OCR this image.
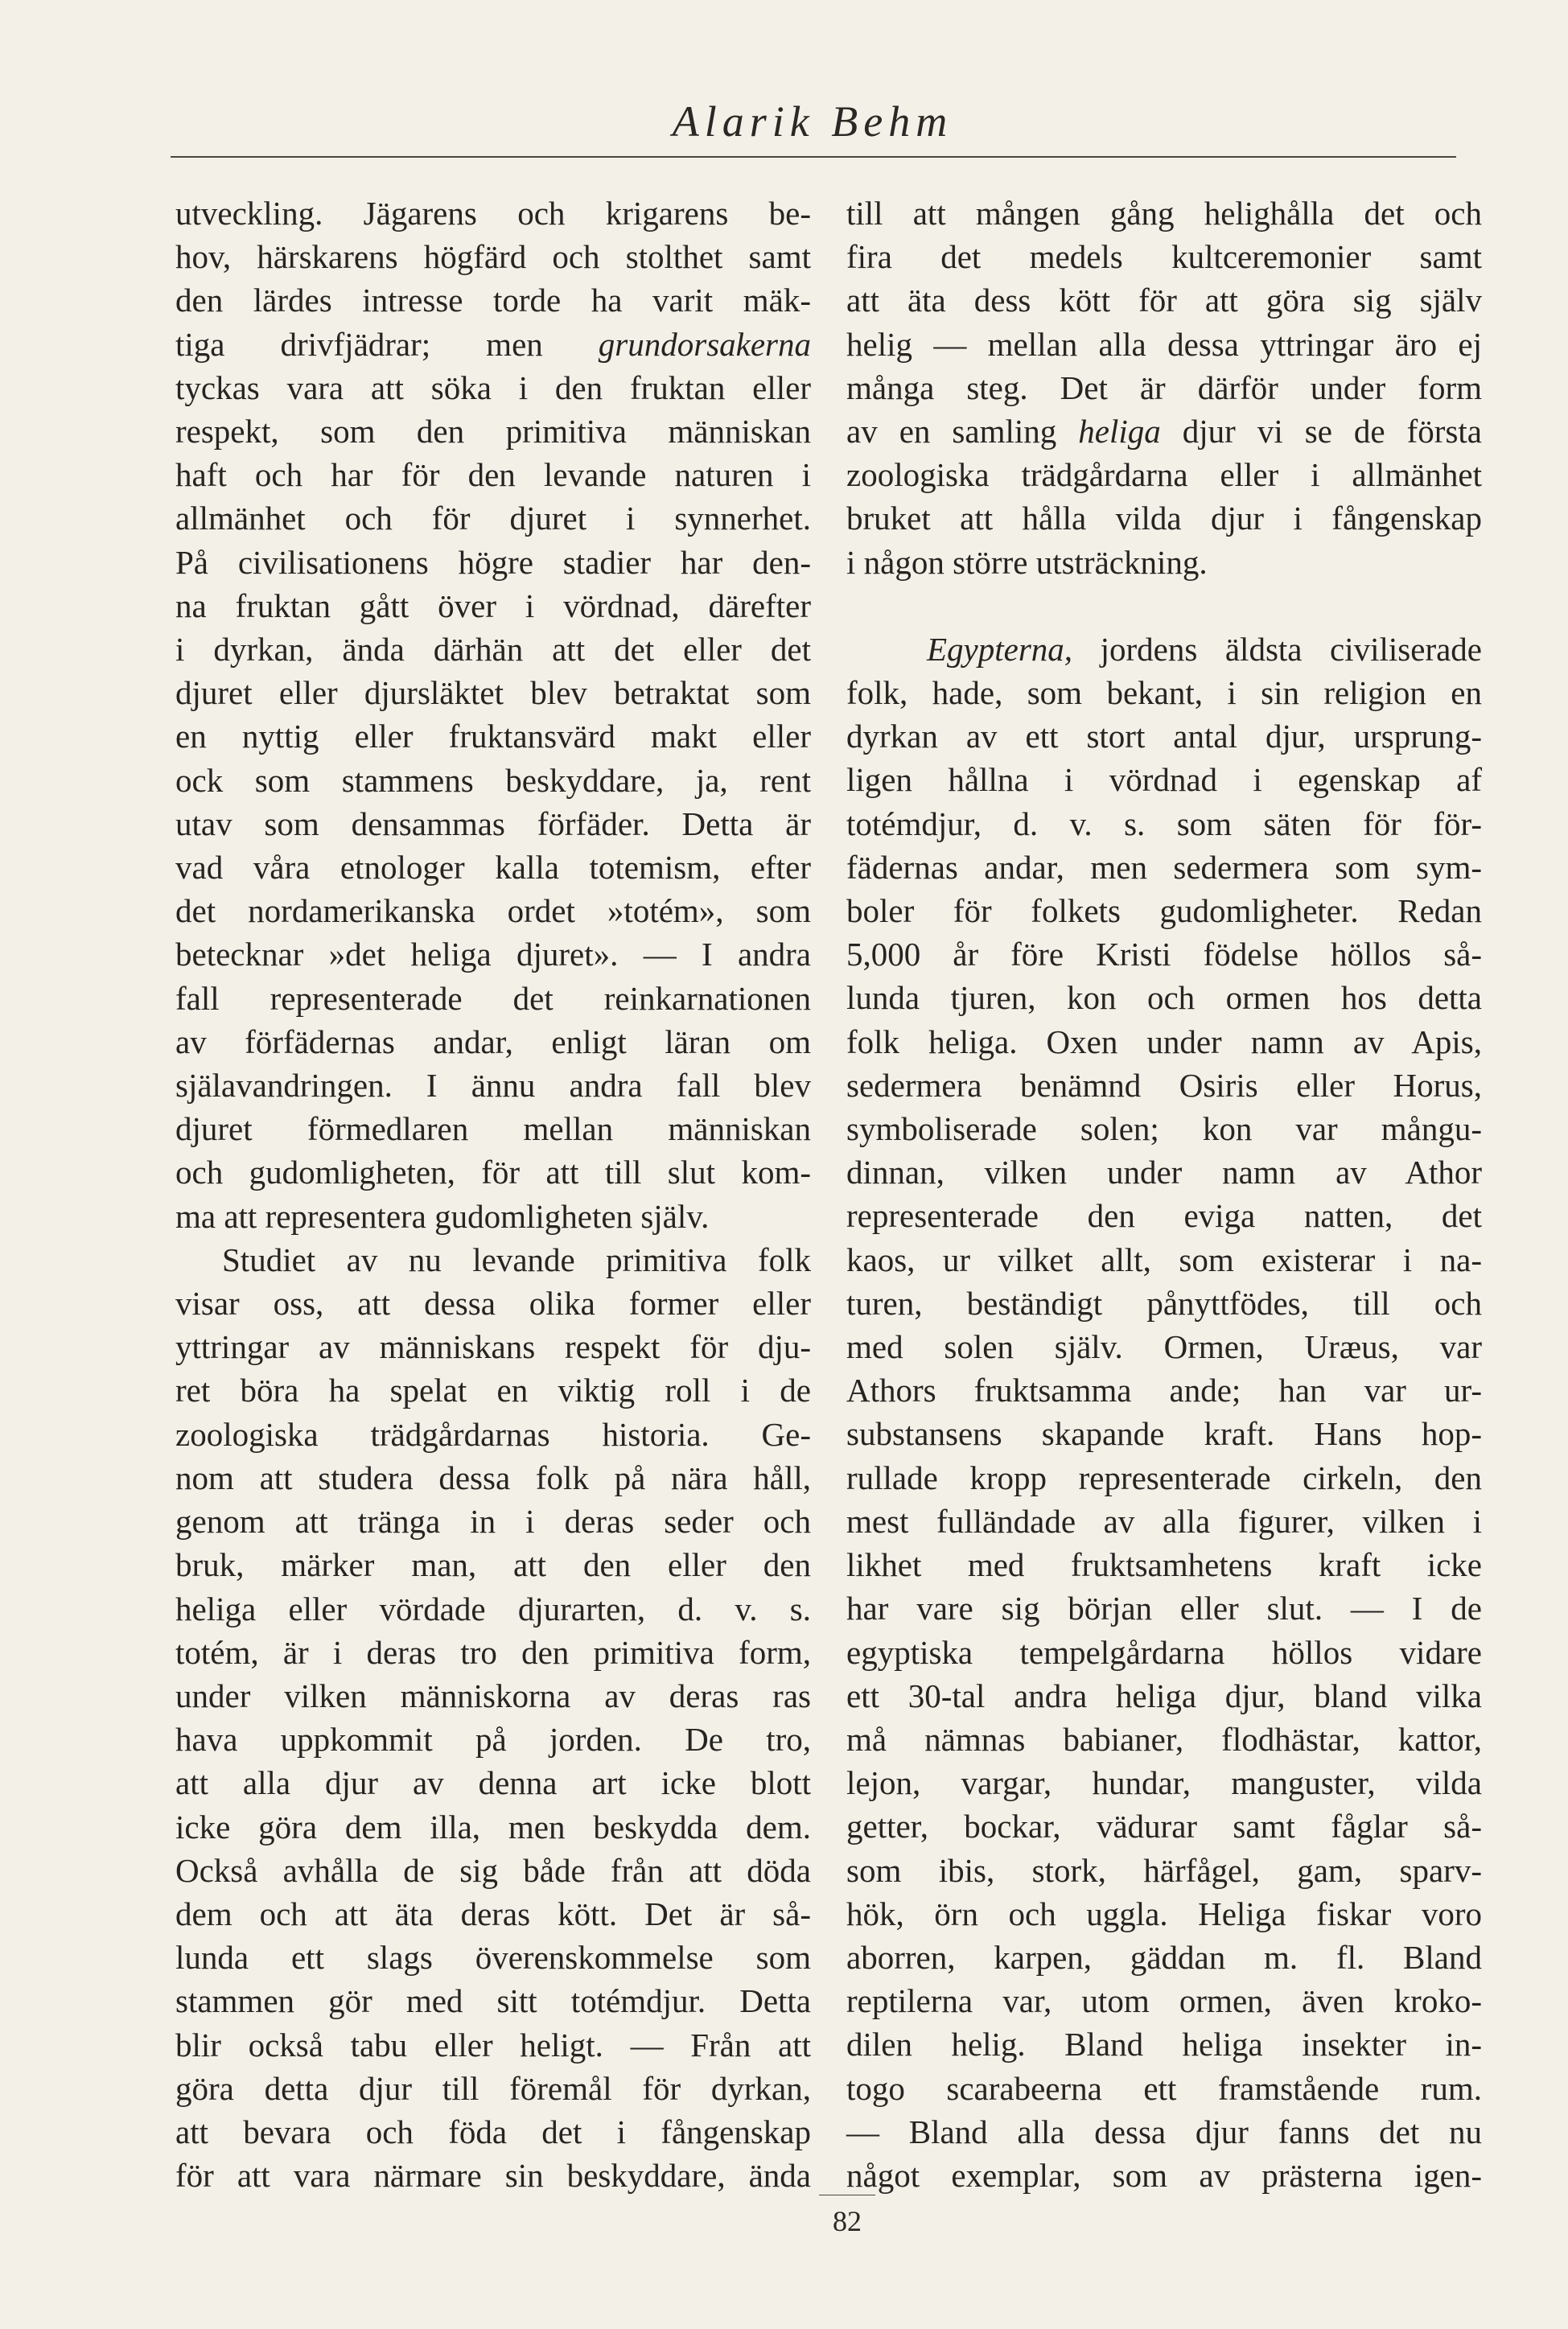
Alarik Behm
utveckling. Jägarens och krigarens be-
hov, härskarens högfärd och stolthet samt
den lärdes intresse torde ha varit mäk-
tiga drivfjädrar; men grundorsakerna
tyckas vara att söka i den fruktan eller
respekt, som den primitiva människan
haft och har för den levande naturen i
allmänhet och för djuret i synnerhet.
På civilisationens högre stadier har den-
na fruktan gått över i vördnad, därefter
i dyrkan, ända därhän att det eller det
djuret eller djursläktet blev betraktat som
en nyttig eller fruktansvärd makt eller
ock som stammens beskyddare, ja, rent
utav som densammas förfäder. Detta är
vad våra etnologer kalla totemism, efter
det nordamerikanska ordet »totém», som
betecknar »det heliga djuret». — I andra
fall representerade det reinkarnationen
av förfädernas andar, enligt läran om
själavandringen. I ännu andra fall blev
djuret förmedlaren mellan människan
och gudomligheten, för att till slut kom-
ma att representera gudomligheten själv.
Studiet av nu levande primitiva folk
visar oss, att dessa olika former eller
yttringar av människans respekt för dju-
ret böra ha spelat en viktig roll i de
zoologiska trädgårdarnas historia. Ge-
nom att studera dessa folk på nära håll,
genom att tränga in i deras seder och
bruk, märker man, att den eller den
heliga eller vördade djurarten, d. v. s.
totém, är i deras tro den primitiva form,
under vilken människorna av deras ras
hava uppkommit på jorden. De tro,
att alla djur av denna art icke blott
icke göra dem illa, men beskydda dem.
Också avhålla de sig både från att döda
dem och att äta deras kött. Det är så-
lunda ett slags överenskommelse som
stammen gör med sitt totémdjur. Detta
blir också tabu eller heligt. — Från att
göra detta djur till föremål för dyrkan,
att bevara och föda det i fångenskap
för att vara närmare sin beskyddare, ända
till att mången gång helighålla det och
fira det medels kultceremonier samt
att äta dess kött för att göra sig själv
helig — mellan alla dessa yttringar äro ej
många steg. Det är därför under form
av en samling heliga djur vi se de första
zoologiska trädgårdarna eller i allmänhet
bruket att hålla vilda djur i fångenskap
i någon större utsträckning.
Egypterna, jordens äldsta civiliserade
folk, hade, som bekant, i sin religion en
dyrkan av ett stort antal djur, ursprung-
ligen hållna i vördnad i egenskap af
totémdjur, d. v. s. som säten för för-
fädernas andar, men sedermera som sym-
boler för folkets gudomligheter. Redan
5,000 år före Kristi födelse höllos så-
lunda tjuren, kon och ormen hos detta
folk heliga. Oxen under namn av Apis,
sedermera benämnd Osiris eller Horus,
symboliserade solen; kon var mångu-
dinnan, vilken under namn av Athor
representerade den eviga natten, det
kaos, ur vilket allt, som existerar i na-
turen, beständigt pånyttfödes, till och
med solen själv. Ormen, Uræus, var
Athors fruktsamma ande; han var ur-
substansens skapande kraft. Hans hop-
rullade kropp representerade cirkeln, den
mest fulländade av alla figurer, vilken i
likhet med fruktsamhetens kraft icke
har vare sig början eller slut. — I de
egyptiska tempelgårdarna höllos vidare
ett 30-tal andra heliga djur, bland vilka
må nämnas babianer, flodhästar, kattor,
lejon, vargar, hundar, manguster, vilda
getter, bockar, vädurar samt fåglar så-
som ibis, stork, härfågel, gam, sparv-
hök, örn och uggla. Heliga fiskar voro
aborren, karpen, gäddan m. fl. Bland
reptilerna var, utom ormen, även kroko-
dilen helig. Bland heliga insekter in-
togo scarabeerna ett framstående rum.
— Bland alla dessa djur fanns det nu
något exemplar, som av prästerna igen-
82
